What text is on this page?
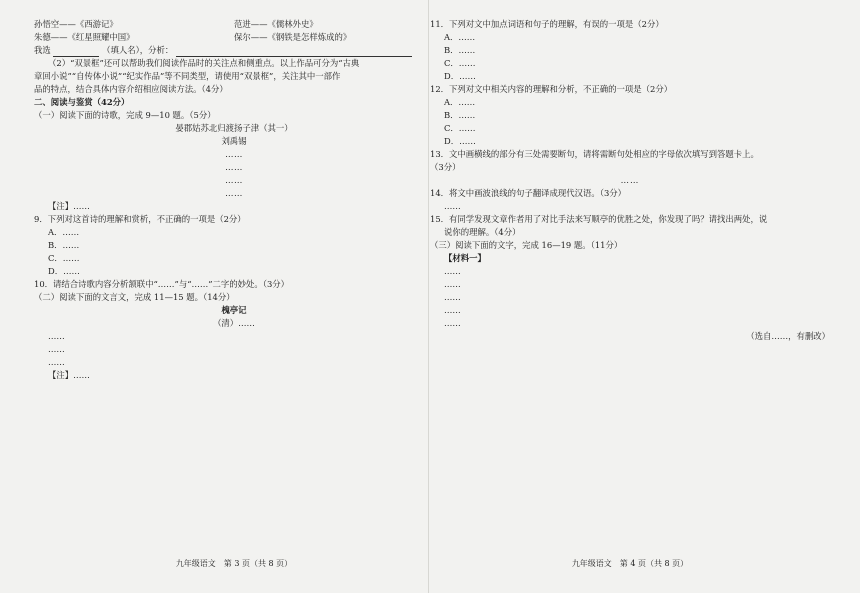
孙悟空——《西游记》	范进——《儒林外史》
朱德——《红星照耀中国》	保尔——《钢铁是怎样炼成的》
我选	（填人名），分析：
（2）“双景框”还可以帮助我们阅读作品时的关注点和侧重点。以上作品可分为“古典
章回小说”“自传体小说”“纪实作品”等不同类型，请使用“双景框”，关注其中一部作
品的特点，结合具体内容介绍相应阅读方法。（4分）
二、阅读与鉴赏（42分）
（一）阅读下面的诗歌，完成 9—10 题。（5分）
晏郡姑苏北归渡扬子津（其一）
刘禹锡
……
……
……
……
【注】……
9．下列对这首诗的理解和赏析，不正确的一项是（2分）
A．……
B．……
C．……
D．……
10．请结合诗歌内容分析颔联中“……”与“……”二字的妙处。（3分）
（二）阅读下面的文言文，完成 11—15 题。（14分）
槐亭记
（清）……
……
……
……
【注】……
九年级语文　第 3 页（共 8 页）
11．下列对文中加点词语和句子的理解，有误的一项是（2分）
A．……
B．……
C．……
D．……
12．下列对文中相关内容的理解和分析，不正确的一项是（2分）
A．……
B．……
C．……
D．……
13．文中画横线的部分有三处需要断句，请将需断句处相应的字母依次填写到答题卡上。
（3分）
……
14．将文中画波浪线的句子翻译成现代汉语。（3分）
……
15．有同学发现文章作者用了对比手法来写顺亭的优胜之处，你发现了吗？请找出两处，说
说你的理解。（4分）
（三）阅读下面的文字，完成 16—19 题。（11分）
【材料一】
……
……
……
……
……
（选自……，有删改）
九年级语文　第 4 页（共 8 页）
